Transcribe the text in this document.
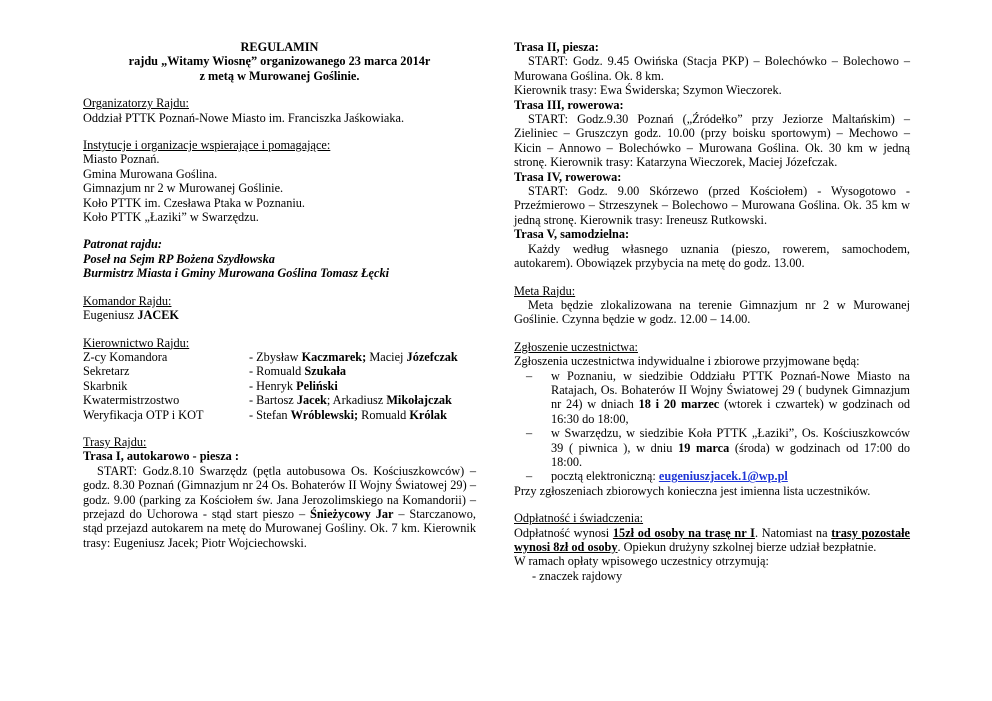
REGULAMIN
rajdu „Witamy Wiosnę” organizowanego 23 marca 2014r
z metą w Murowanej Goślinie.
Organizatorzy Rajdu:
Oddział PTTK Poznań-Nowe Miasto im. Franciszka Jaśkowiaka.
Instytucje i organizacje wspierające i pomagające:
Miasto Poznań.
Gmina Murowana Goślina.
Gimnazjum nr 2 w Murowanej Goślinie.
Koło PTTK im. Czesława Ptaka w Poznaniu.
Koło PTTK „Łaziki” w Swarzędzu.
Patronat rajdu:
Poseł na Sejm RP Bożena Szydłowska
Burmistrz Miasta i Gminy Murowana Goślina Tomasz Łęcki
Komandor Rajdu:
Eugeniusz JACEK
Kierownictwo Rajdu:
Z-cy Komandora	- Zbysław Kaczmarek; Maciej Józefczak
Sekretarz	- Romuald Szukała
Skarbnik	- Henryk Peliński
Kwatermistrzostwo	- Bartosz Jacek; Arkadiusz Mikołajczak
Weryfikacja OTP i KOT	- Stefan Wróblewski; Romuald Królak
Trasy Rajdu:
Trasa I, autokarowo - piesza :
START: Godz.8.10 Swarzędz (pętla autobusowa Os. Kościuszkowców) – godz. 8.30 Poznań (Gimnazjum nr 24 Os. Bohaterów II Wojny Światowej 29) – godz. 9.00 (parking za Kościołem św. Jana Jerozolimskiego na Komandorii) – przejazd do Uchorowa - stąd start pieszo – Śnieżycowy Jar – Starczanowo, stąd przejazd autokarem na metę do Murowanej Gośliny. Ok. 7 km. Kierownik trasy: Eugeniusz Jacek; Piotr Wojciechowski.
Trasa II, piesza:
START: Godz. 9.45 Owińska (Stacja PKP) – Bolechówko – Bolechowo – Murowana Goślina. Ok. 8 km.
Kierownik trasy: Ewa Świderska; Szymon Wieczorek.
Trasa III, rowerowa:
START: Godz.9.30 Poznań („Źródełko” przy Jeziorze Maltańskim) – Zieliniec – Gruszczyn godz. 10.00 (przy boisku sportowym) – Mechowo – Kicin – Annowo – Bolechówko – Murowana Goślina. Ok. 30 km w jedną stronę. Kierownik trasy: Katarzyna Wieczorek, Maciej Józefczak.
Trasa IV, rowerowa:
START: Godz. 9.00 Skórzewo (przed Kościołem) - Wysogotowo - Przeźmierowo – Strzeszynek – Bolechowo – Murowana Goślina. Ok. 35 km w jedną stronę. Kierownik trasy: Ireneusz Rutkowski.
Trasa V, samodzielna:
Każdy według własnego uznania (pieszo, rowerem, samochodem, autokarem). Obowiązek przybycia na metę do godz. 13.00.
Meta Rajdu:
Meta będzie zlokalizowana na terenie Gimnazjum nr 2 w Murowanej Goślinie. Czynna będzie w godz. 12.00 – 14.00.
Zgłoszenie uczestnictwa:
Zgłoszenia uczestnictwa indywidualne i zbiorowe przyjmowane będą:
– w Poznaniu, w siedzibie Oddziału PTTK Poznań-Nowe Miasto na Ratajach, Os. Bohaterów II Wojny Światowej 29 ( budynek Gimnazjum nr 24) w dniach 18 i 20 marzec (wtorek i czwartek) w godzinach od 16:30 do 18:00,
– w Swarzędzu, w siedzibie Koła PTTK „Łaziki”, Os. Kościuszkowców 39 ( piwnica ), w dniu 19 marca (środa) w godzinach od 17:00 do 18:00.
– pocztą elektroniczną: eugeniuszjacek.1@wp.pl
Przy zgłoszeniach zbiorowych konieczna jest imienna lista uczestników.
Odpłatność i świadczenia:
Odpłatność wynosi 15zł od osoby na trasę nr I. Natomiast na trasy pozostałe wynosi 8zł od osoby. Opiekun drużyny szkolnej bierze udział bezpłatnie.
W ramach opłaty wpisowego uczestnicy otrzymują:
- znaczek rajdowy
